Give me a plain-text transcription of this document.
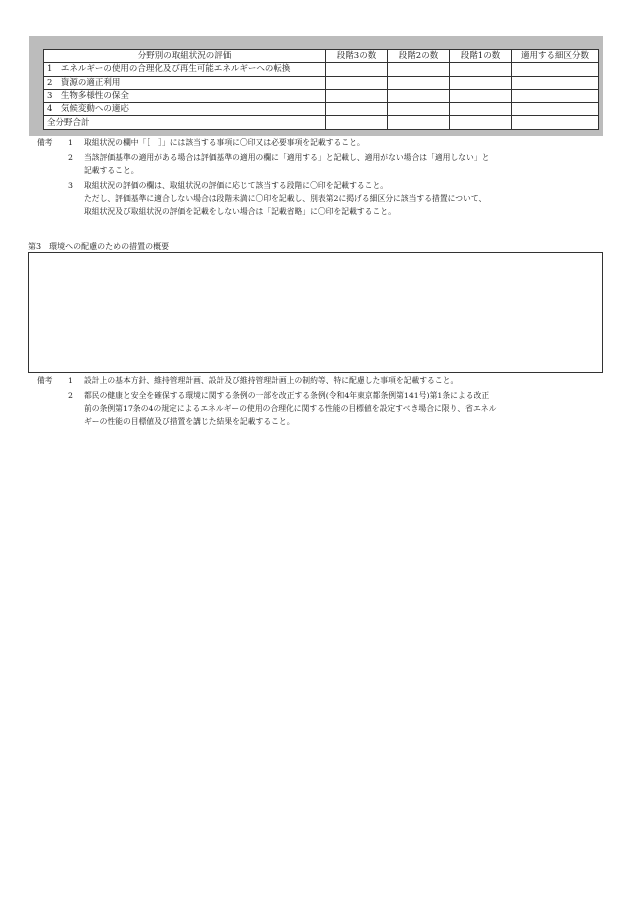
分野別の取組状況の評価	段階3の数	段階2の数	段階1の数	適用する細区分数
1　エネルギーの使用の合理化及び再生可能エネルギーへの転換				
2　資源の適正利用				
3　生物多様性の保全				
4　気候変動への適応				
全分野合計				
備考 1 取組状況の欄中「［　］」には該当する事項に〇印又は必要事項を記載すること。
2 当該評価基準の適用がある場合は評価基準の適用の欄に「適用する」と記載し、適用がない場合は「適用しない」と
記載すること。
3 取組状況の評価の欄は、取組状況の評価に応じて該当する段階に〇印を記載すること。
ただし、評価基準に適合しない場合は段階未満に〇印を記載し、別表第2に掲げる細区分に該当する措置について、
取組状況及び取組状況の評価を記載をしない場合は「記載省略」に〇印を記載すること。
第3　環境への配慮のための措置の概要
備考 1 設計上の基本方針、維持管理計画、設計及び維持管理計画上の制約等、特に配慮した事項を記載すること。
2 都民の健康と安全を確保する環境に関する条例の一部を改正する条例(令和4年東京都条例第141号)第1条による改正
前の条例第17条の4の規定によるエネルギーの使用の合理化に関する性能の目標値を設定すべき場合に限り、省エネル
ギーの性能の目標値及び措置を講じた結果を記載すること。
